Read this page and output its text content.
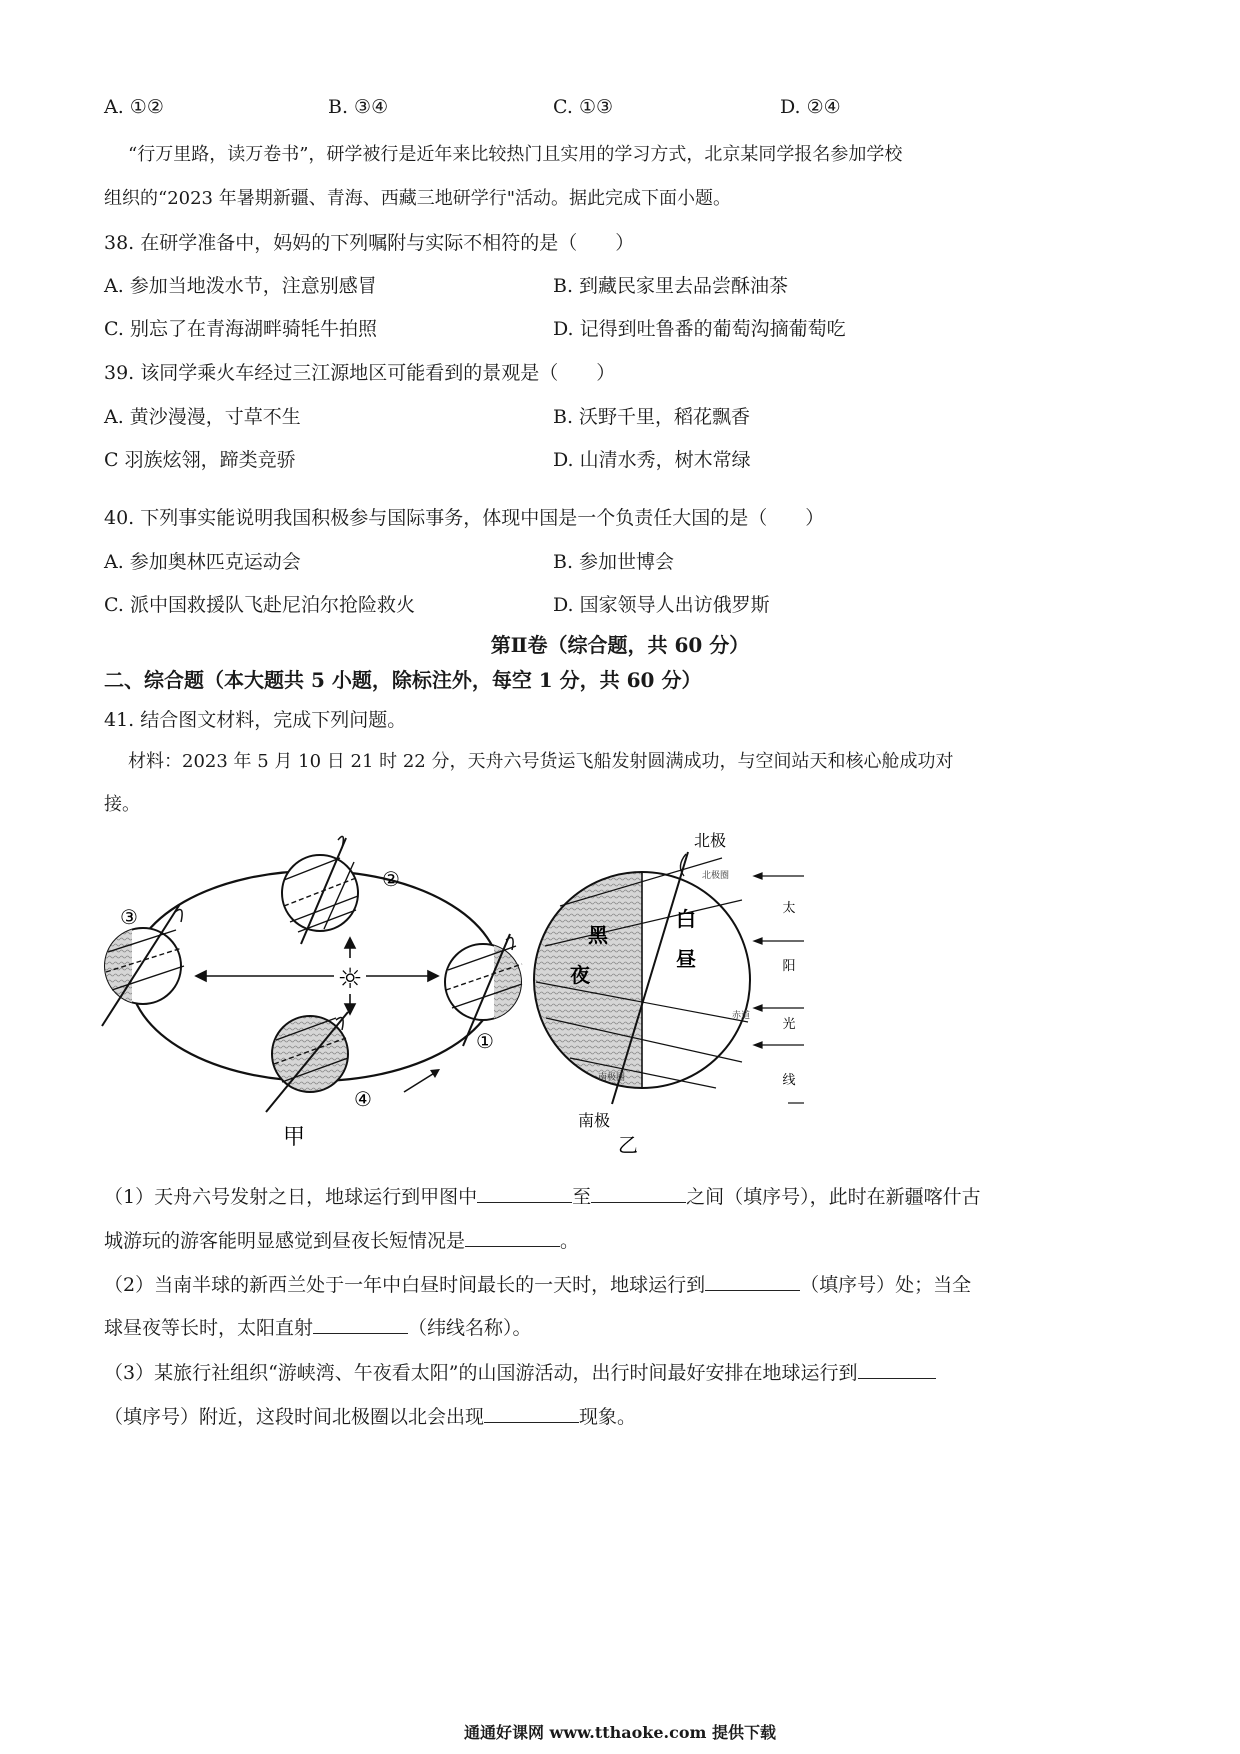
A. ①②	B. ③④	C. ①③	D. ②④
“行万里路，读万卷书”，研学被行是近年来比较热门且实用的学习方式，北京某同学报名参加学校
组织的“2023 年暑期新疆、青海、西藏三地研学行"活动。据此完成下面小题。
38. 在研学准备中，妈妈的下列嘱附与实际不相符的是（　　）
A. 参加当地泼水节，注意别感冒	B. 到藏民家里去品尝酥油茶
C. 别忘了在青海湖畔骑牦牛拍照	D. 记得到吐鲁番的葡萄沟摘葡萄吃
39. 该同学乘火车经过三江源地区可能看到的景观是（　　）
A. 黄沙漫漫，寸草不生	B. 沃野千里，稻花飘香
C 羽族炫翎，蹄类竞骄	D. 山清水秀，树木常绿
40. 下列事实能说明我国积极参与国际事务，体现中国是一个负责任大国的是（　　）
A. 参加奥林匹克运动会	B. 参加世博会
C. 派中国救援队飞赴尼泊尔抢险救火	D. 国家领导人出访俄罗斯
第Ⅱ卷（综合题，共 60 分）
二、综合题（本大题共 5 小题，除标注外，每空 1 分，共 60 分）
41. 结合图文材料，完成下列问题。
材料：2023 年 5 月 10 日 21 时 22 分，天舟六号货运飞船发射圆满成功，与空间站天和核心舱成功对
接。
☼
②
③
①
④
甲
北极圈
赤道
南极圈
黑
夜
白
昼
北极
南极
乙
太
阳
光
线
（1）天舟六号发射之日，地球运行到甲图中	至	之间（填序号），此时在新疆喀什古
城游玩的游客能明显感觉到昼夜长短情况是	。
（2）当南半球的新西兰处于一年中白昼时间最长的一天时，地球运行到	（填序号）处；当全
球昼夜等长时，太阳直射	（纬线名称）。
（3）某旅行社组织“游峡湾、午夜看太阳”的山国游活动，出行时间最好安排在地球运行到
（填序号）附近，这段时间北极圈以北会出现	现象。
通通好课网 www.tthaoke.com 提供下载
